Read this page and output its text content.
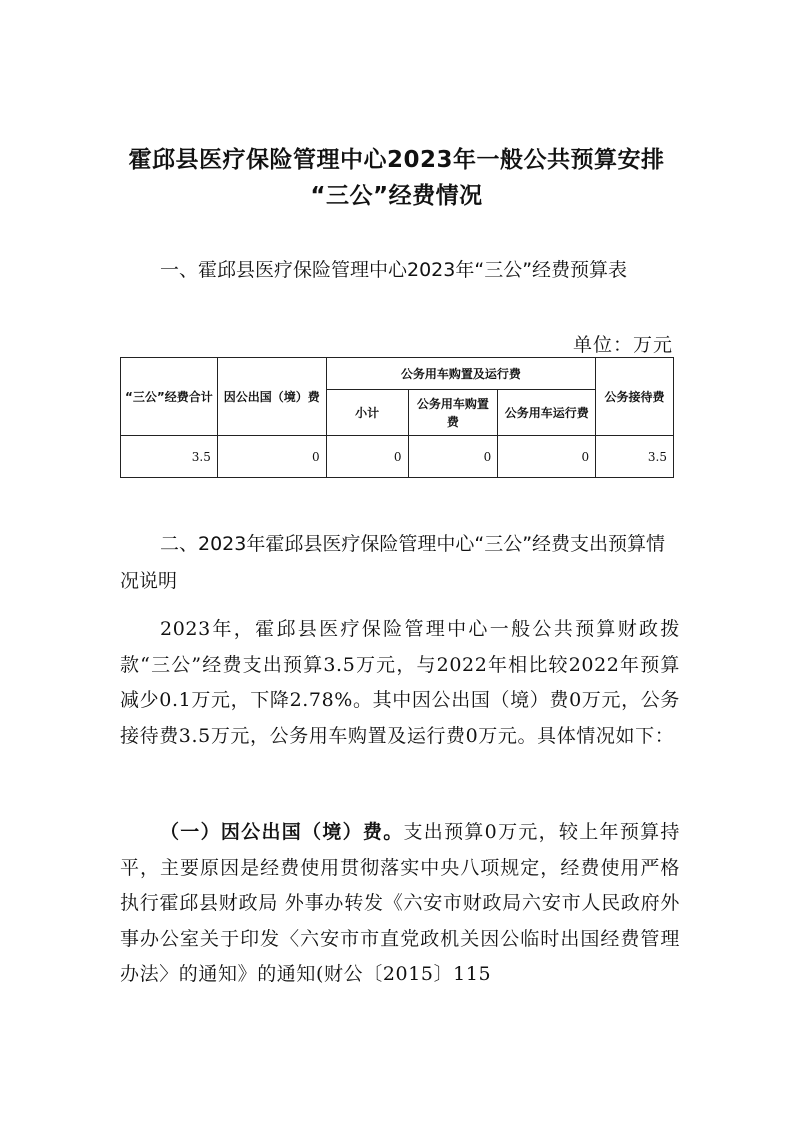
霍邱县医疗保险管理中心2023年一般公共预算安排
“三公”经费情况
一、霍邱县医疗保险管理中心2023年“三公”经费预算表
单位：万元
“三公”经费合计	因公出国（境）费	公务用车购置及运行费			公务接待费
		小计	公务用车购置费	公务用车运行费	
3.5	0	0	0	0	3.5
二、2023年霍邱县医疗保险管理中心“三公”经费支出预算情况说明
2023年，霍邱县医疗保险管理中心一般公共预算财政拨款“三公”经费支出预算3.5万元，与2022年相比较2022年预算减少0.1万元，下降2.78%。其中因公出国（境）费0万元，公务接待费3.5万元，公务用车购置及运行费0万元。具体情况如下：
（一）因公出国（境）费。支出预算0万元，较上年预算持平，主要原因是经费使用贯彻落实中央八项规定，经费使用严格执行霍邱县财政局 外事办转发《六安市财政局六安市人民政府外事办公室关于印发〈六安市市直党政机关因公临时出国经费管理办法〉的通知》的通知(财公〔2015〕115
